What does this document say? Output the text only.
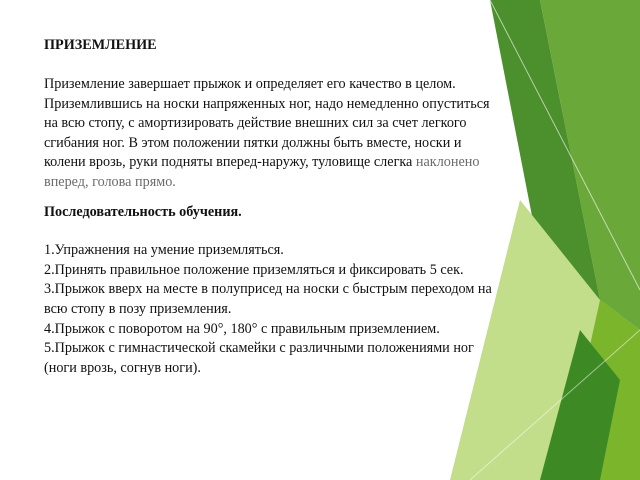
ПРИЗЕМЛЕНИЕ

Приземление завершает прыжок и определяет его качество в целом. Приземлившись на носки напряженных ног, надо немедленно опуститься на всю стопу, с амортизировать действие внешних сил за счет легкого сгибания ног. В этом положении пятки должны быть вместе, носки и колени врозь, руки подняты вперед-наружу, туловище слегка наклонено вперед, голова прямо.

Последовательность обучения.
1.Упражнения на умение приземляться.
2.Принять правильное положение приземляться и фиксировать 5 сек.
3.Прыжок вверх на месте в полуприсед на носки с быстрым переходом на всю стопу в позу приземления.
4.Прыжок с поворотом на 90°, 180° с правильным приземлением.
5.Прыжок с гимнастической скамейки с различными положениями ног (ноги врозь, согнув ноги).
